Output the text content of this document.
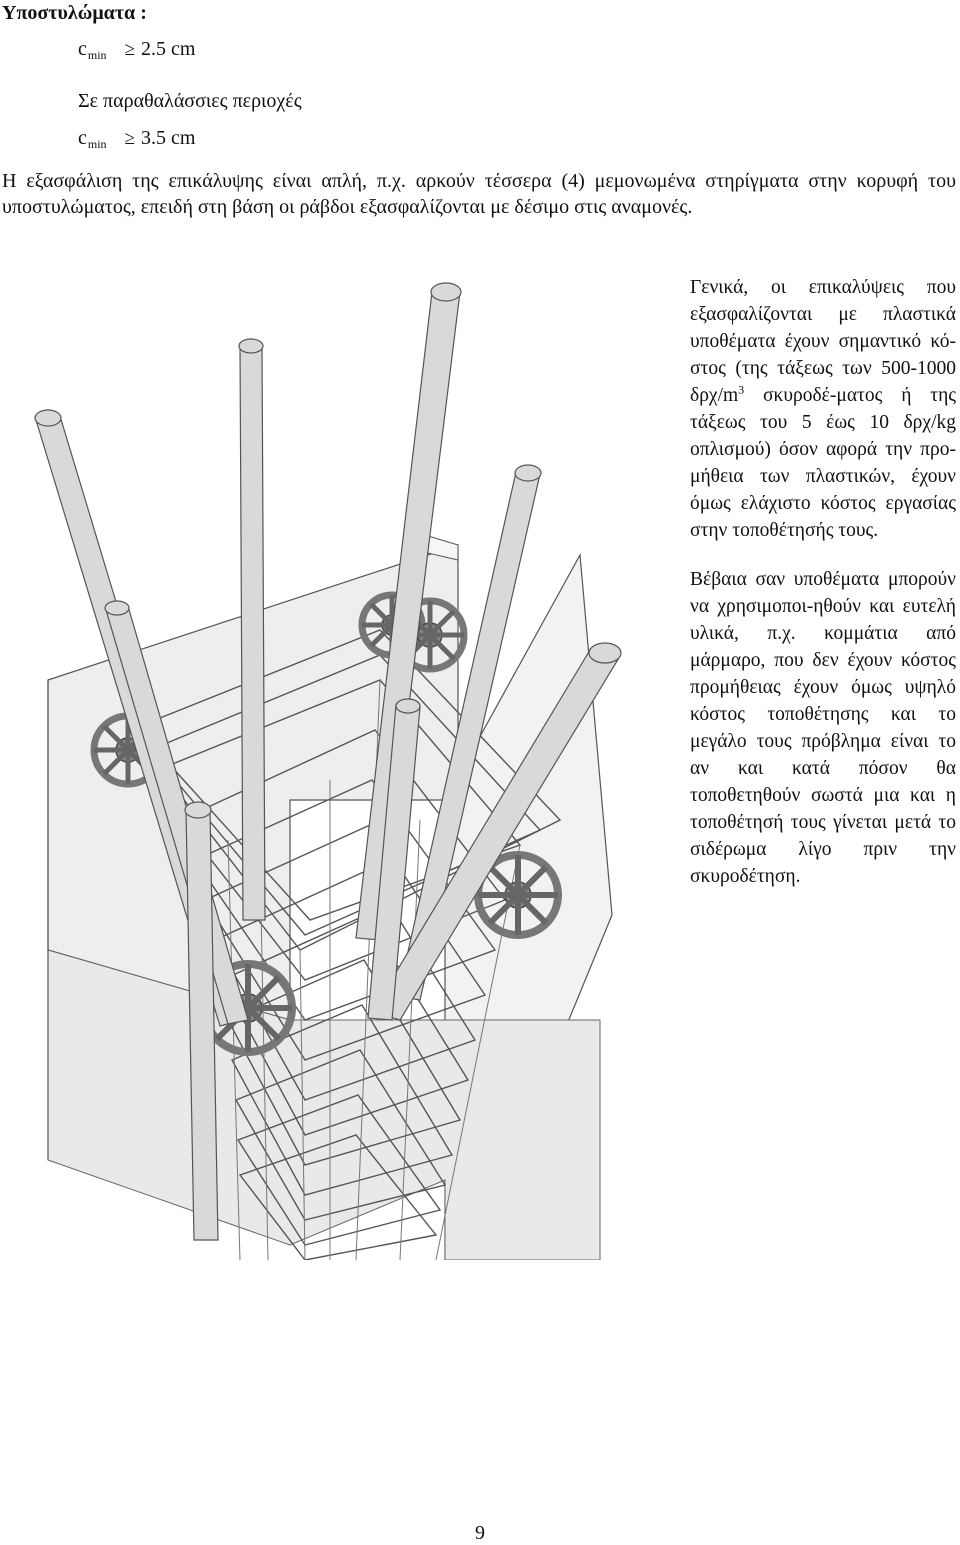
Υποστυλώματα :
$c_{min} \ge 2.5$ cm
Σε παραθαλάσσιες περιοχές
$c_{min} \ge 3.5$ cm
Η εξασφάλιση της επικάλυψης είναι απλή, π.χ. αρκούν τέσσερα (4) μεμονωμένα στηρίγματα στην κορυφή του υποστυλώματος, επειδή στη βάση οι ράβδοι εξασφαλίζονται με δέσιμο στις αναμονές.

Γενικά, οι επικαλύψεις που εξασφαλίζονται με πλαστικά υποθέματα έχουν σημαντικό κό-στος (της τάξεως των 500-1000 δρχ/$m^3$ σκυροδέ-ματος ή της τάξεως του 5 έως 10 δρχ/kg οπλισμού) όσον αφορά την προ-μήθεια των πλαστικών, έχουν όμως ελάχιστο κόστος εργασίας στην τοποθέτησής τους.

Βέβαια σαν υποθέματα μπορούν να χρησιμοποι-ηθούν και ευτελή υλικά, π.χ. κομμάτια από μάρμαρο, που δεν έχουν κόστος προμήθειας έχουν όμως υψηλό κόστος τοποθέτησης και το μεγάλο τους πρόβλημα είναι το αν και κατά πόσον θα τοποθετηθούν σωστά μια και η τοποθέτησή τους γίνεται μετά το σιδέρωμα λίγο πριν την σκυροδέτηση.

9
